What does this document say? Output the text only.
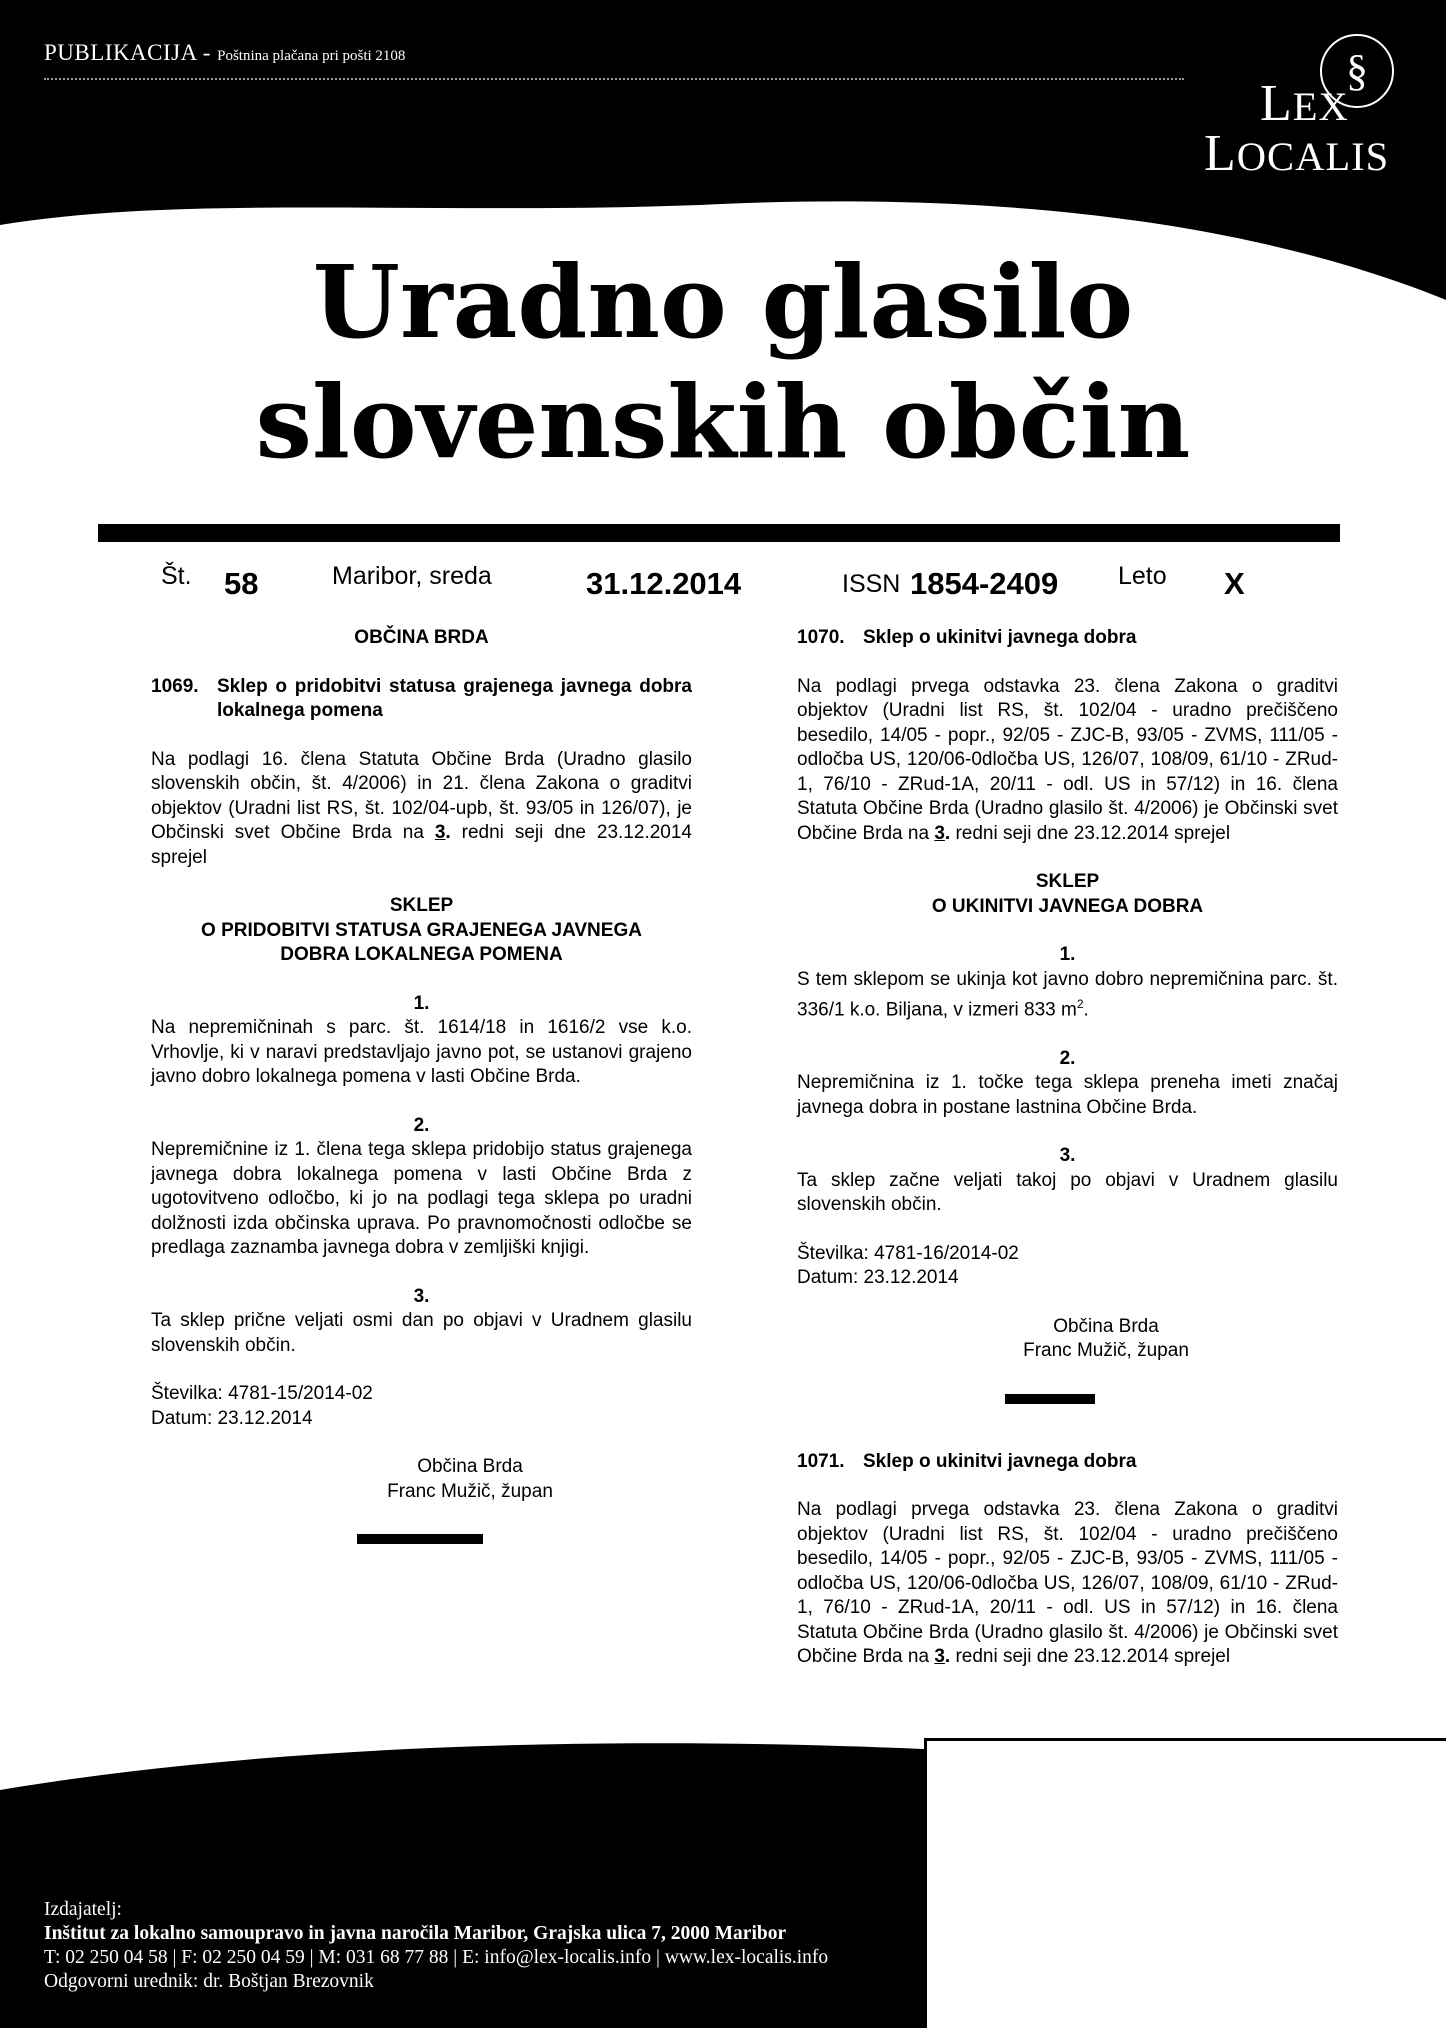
PUBLIKACIJA - Poštnina plačana pri pošti 2108	§
LEX
LOCALIS
Uradno glasilo
slovenskih občin
Št. 58	Maribor, sreda	31.12.2014	ISSN 1854-2409 Leto X

OBČINA BRDA

1069. Sklep o pridobitvi statusa grajenega javnega dobra lokalnega pomena

Na podlagi 16. člena Statuta Občine Brda (Uradno glasilo slovenskih občin, št. 4/2006) in 21. člena Zakona o graditvi objektov (Uradni list RS, št. 102/04-upb, št. 93/05 in 126/07), je Občinski svet Občine Brda na 3. redni seji dne 23.12.2014 sprejel

SKLEP

O PRIDOBITVI STATUSA GRAJENEGA JAVNEGA

DOBRA LOKALNEGA POMENA

1.

Na nepremičninah s parc. št. 1614/18 in 1616/2 vse k.o. Vrhovlje, ki v naravi predstavljajo javno pot, se ustanovi grajeno javno dobro lokalnega pomena v lasti Občine Brda.

2.

Nepremičnine iz 1. člena tega sklepa pridobijo status grajenega javnega dobra lokalnega pomena v lasti Občine Brda z ugotovitveno odločbo, ki jo na podlagi tega sklepa po uradni dolžnosti izda občinska uprava. Po pravnomočnosti odločbe se predlaga zaznamba javnega dobra v zemljiški knjigi.

3.

Ta sklep prične veljati osmi dan po objavi v Uradnem glasilu slovenskih občin.

Številka: 4781-15/2014-02

Datum: 23.12.2014

Občina Brda

Franc Mužič, župan

1070. Sklep o ukinitvi javnega dobra

Na podlagi prvega odstavka 23. člena Zakona o graditvi objektov (Uradni list RS, št. 102/04 - uradno prečiščeno besedilo, 14/05 - popr., 92/05 - ZJC-B, 93/05 - ZVMS, 111/05 - odločba US, 120/06-0dločba US, 126/07, 108/09, 61/10 - ZRud-1, 76/10 - ZRud-1A, 20/11 - odl. US in 57/12) in 16. člena Statuta Občine Brda (Uradno glasilo št. 4/2006) je Občinski svet Občine Brda na 3. redni seji dne 23.12.2014 sprejel

SKLEP

O UKINITVI JAVNEGA DOBRA

1.

S tem sklepom se ukinja kot javno dobro nepremičnina parc. št. 336/1 k.o. Biljana, v izmeri 833 $m^2$.

2.

Nepremičnina iz 1. točke tega sklepa preneha imeti značaj javnega dobra in postane lastnina Občine Brda.

3.

Ta sklep začne veljati takoj po objavi v Uradnem glasilu slovenskih občin.

Številka: 4781-16/2014-02

Datum: 23.12.2014

Občina Brda

Franc Mužič, župan

1071. Sklep o ukinitvi javnega dobra

Na podlagi prvega odstavka 23. člena Zakona o graditvi objektov (Uradni list RS, št. 102/04 - uradno prečiščeno besedilo, 14/05 - popr., 92/05 - ZJC-B, 93/05 - ZVMS, 111/05 - odločba US, 120/06-0dločba US, 126/07, 108/09, 61/10 - ZRud-1, 76/10 - ZRud-1A, 20/11 - odl. US in 57/12) in 16. člena Statuta Občine Brda (Uradno glasilo št. 4/2006) je Občinski svet Občine Brda na 3. redni seji dne 23.12.2014 sprejel

Izdajatelj:
Inštitut za lokalno samoupravo in javna naročila Maribor, Grajska ulica 7, 2000 Maribor
T: 02 250 04 58 | F: 02 250 04 59 | M: 031 68 77 88 | E: info@lex-localis.info | www.lex-localis.info
Odgovorni urednik: dr. Boštjan Brezovnik
